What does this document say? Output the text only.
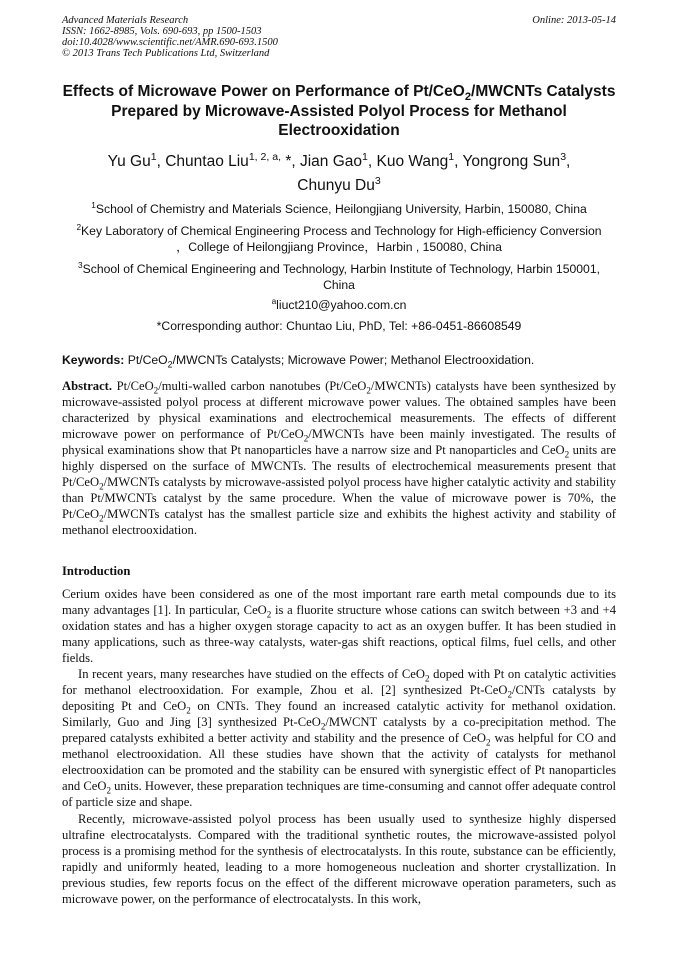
Advanced Materials Research
ISSN: 1662-8985, Vols. 690-693, pp 1500-1503
doi:10.4028/www.scientific.net/AMR.690-693.1500
© 2013 Trans Tech Publications Ltd, Switzerland
Online: 2013-05-14
Effects of Microwave Power on Performance of Pt/CeO$_2$/MWCNTs Catalysts Prepared by Microwave-Assisted Polyol Process for Methanol Electrooxidation
Yu Gu$^1$, Chuntao Liu$^{1, 2, a,}$ *, Jian Gao$^1$, Kuo Wang$^1$, Yongrong Sun$^3$,
Chunyu Du$^3$
$^1$School of Chemistry and Materials Science, Heilongjiang University, Harbin, 150080, China
$^2$Key Laboratory of Chemical Engineering Process and Technology for High-efficiency Conversion
，College of Heilongjiang Province，Harbin , 150080, China
$^3$School of Chemical Engineering and Technology, Harbin Institute of Technology, Harbin 150001, China
$^a$liuct210@yahoo.com.cn
*Corresponding author: Chuntao Liu, PhD, Tel: +86-0451-86608549
Keywords: Pt/CeO$_2$/MWCNTs Catalysts; Microwave Power; Methanol Electrooxidation.
Abstract. Pt/CeO$_2$/multi-walled carbon nanotubes (Pt/CeO$_2$/MWCNTs) catalysts have been synthesized by microwave-assisted polyol process at different microwave power values. The obtained samples have been characterized by physical examinations and electrochemical measurements. The effects of different microwave power on performance of Pt/CeO$_2$/MWCNTs have been mainly investigated. The results of physical examinations show that Pt nanoparticles have a narrow size and Pt nanoparticles and CeO$_2$ units are highly dispersed on the surface of MWCNTs. The results of electrochemical measurements present that Pt/CeO$_2$/MWCNTs catalysts by microwave-assisted polyol process have higher catalytic activity and stability than Pt/MWCNTs catalyst by the same procedure. When the value of microwave power is 70%, the Pt/CeO$_2$/MWCNTs catalyst has the smallest particle size and exhibits the highest activity and stability of methanol electrooxidation.
Introduction

Cerium oxides have been considered as one of the most important rare earth metal compounds due to its many advantages [1]. In particular, CeO$_2$ is a fluorite structure whose cations can switch between +3 and +4 oxidation states and has a higher oxygen storage capacity to act as an oxygen buffer. It has been studied in many applications, such as three-way catalysts, water-gas shift reactions, optical films, fuel cells, and other fields.

In recent years, many researches have studied on the effects of CeO$_2$ doped with Pt on catalytic activities for methanol electrooxidation. For example, Zhou et al. [2] synthesized Pt-CeO$_2$/CNTs catalysts by depositing Pt and CeO$_2$ on CNTs. They found an increased catalytic activity for methanol oxidation. Similarly, Guo and Jing [3] synthesized Pt-CeO$_2$/MWCNT catalysts by a co-precipitation method. The prepared catalysts exhibited a better activity and stability and the presence of CeO$_2$ was helpful for CO and methanol electrooxidation. All these studies have shown that the activity of catalysts for methanol electrooxidation can be promoted and the stability can be ensured with synergistic effect of Pt nanoparticles and CeO$_2$ units. However, these preparation techniques are time-consuming and cannot offer adequate control of particle size and shape.

Recently, microwave-assisted polyol process has been usually used to synthesize highly dispersed ultrafine electrocatalysts. Compared with the traditional synthetic routes, the microwave-assisted polyol process is a promising method for the synthesis of electrocatalysts. In this route, substance can be efficiently, rapidly and uniformly heated, leading to a more homogeneous nucleation and shorter crystallization. In previous studies, few reports focus on the effect of the different microwave operation parameters, such as microwave power, on the performance of electrocatalysts. In this work,
